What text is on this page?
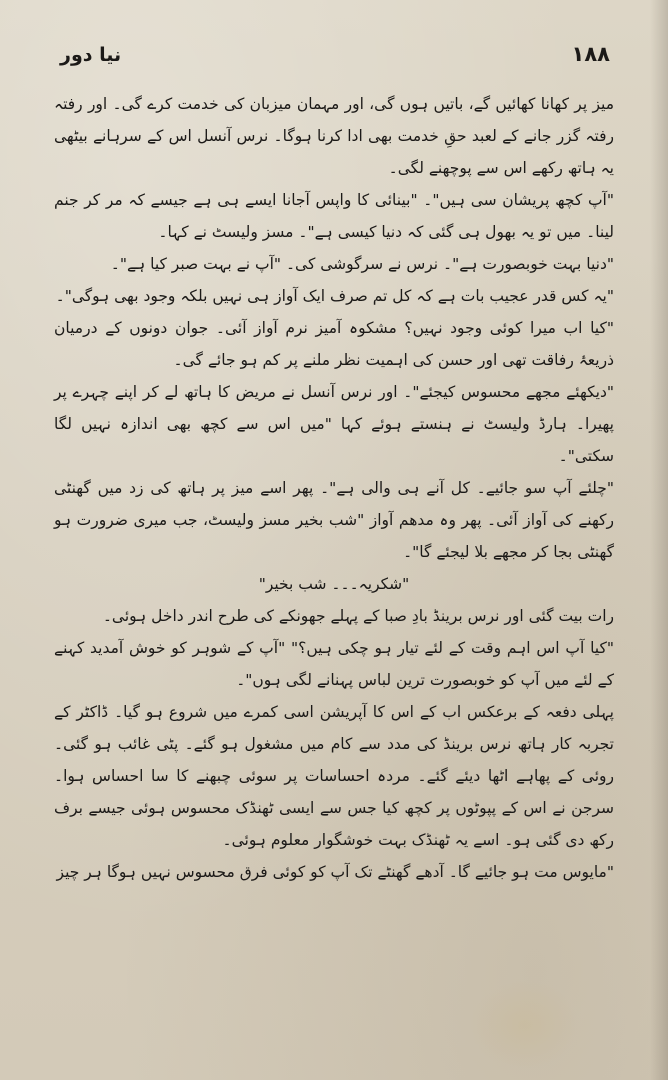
نیا دور	۱۸۸

میز پر کھانا کھائیں گے، باتیں ہوں گی، اور مہمان میزبان کی خدمت کرے گی۔ اور رفتہ رفتہ گزر جانے کے لعبد حقِ خدمت بھی ادا کرنا ہوگا۔ نرس آنسل اس کے سرہانے بیٹھی یہ ہاتھ رکھے اس سے پوچھنے لگی۔

"آپ کچھ پریشان سی ہیں"۔ "بینائی کا واپس آجانا ایسے ہی ہے جیسے کہ مر کر جنم لینا۔ میں تو یہ بھول ہی گئی کہ دنیا کیسی ہے"۔ مسز ولیسٹ نے کہا۔

"دنیا بہت خوبصورت ہے"۔ نرس نے سرگوشی کی۔ "آپ نے بہت صبر کیا ہے"۔

"یہ کس قدر عجیب بات ہے کہ کل تم صرف ایک آواز ہی نہیں بلکہ وجود بھی ہوگی"۔

"کیا اب میرا کوئی وجود نہیں؟ مشکوہ آمیز نرم آواز آئی۔ جوان دونوں کے درمیان ذریعۂ رفاقت تھی اور حسن کی اہمیت نظر ملنے پر کم ہو جائے گی۔

"دیکھئے مجھے محسوس کیجئے"۔ اور نرس آنسل نے مریض کا ہاتھ لے کر اپنے چہرے پر پھیرا۔ ہارڈ ولیسٹ نے ہنستے ہوئے کہا "میں اس سے کچھ بھی اندازہ نہیں لگا سکتی"۔

"چلئے آپ سو جائیے۔ کل آنے ہی والی ہے"۔ پھر اسے میز پر ہاتھ کی زد میں گھنٹی رکھنے کی آواز آئی۔ پھر وہ مدھم آواز "شب بخیر مسز ولیسٹ، جب میری ضرورت ہو گھنٹی بجا کر مجھے بلا لیجئے گا"۔

"شکریہ۔۔۔ شب بخیر"

رات بیت گئی اور نرس برینڈ بادِ صبا کے پہلے جھونکے کی طرح اندر داخل ہوئی۔

"کیا آپ اس اہم وقت کے لئے تیار ہو چکی ہیں؟" "آپ کے شوہر کو خوش آمدید کہنے کے لئے میں آپ کو خوبصورت ترین لباس پہنانے لگی ہوں"۔

پہلی دفعہ کے برعکس اب کے اس کا آپریشن اسی کمرے میں شروع ہو گیا۔ ڈاکٹر کے تجربہ کار ہاتھ نرس برینڈ کی مدد سے کام میں مشغول ہو گئے۔ پٹی غائب ہو گئی۔ روئی کے پھاہے اٹھا دیئے گئے۔ مردہ احساسات پر سوئی چبھنے کا سا احساس ہوا۔ سرجن نے اس کے پپوٹوں پر کچھ کیا جس سے ایسی ٹھنڈک محسوس ہوئی جیسے برف رکھ دی گئی ہو۔ اسے یہ ٹھنڈک بہت خوشگوار معلوم ہوئی۔

"مایوس مت ہو جائیے گا۔ آدھے گھنٹے تک آپ کو کوئی فرق محسوس نہیں ہوگا ہر چیز
